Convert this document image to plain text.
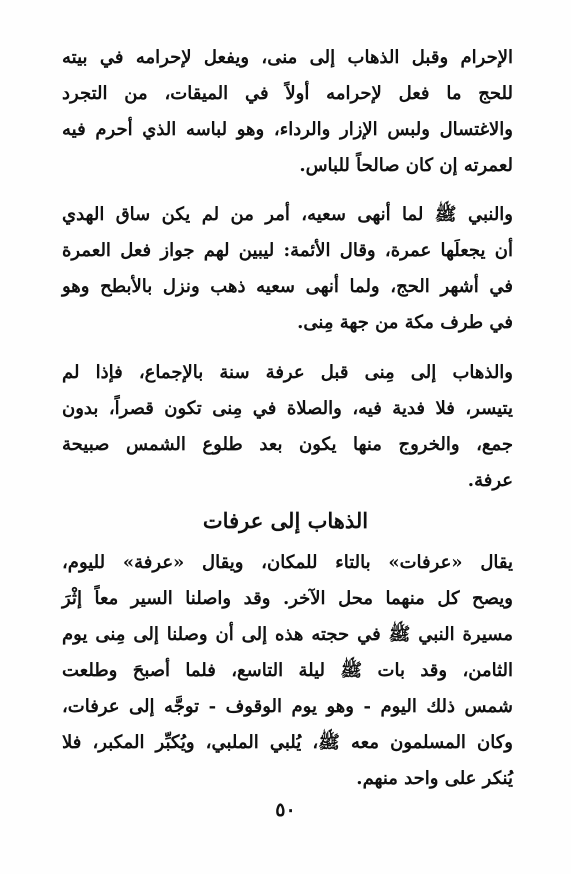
الإحرام وقبل الذهاب إلى منى، ويفعل لإحرامه في بيته
للحج ما فعل لإحرامه أولاً في الميقات، من التجرد
والاغتسال ولبس الإزار والرداء، وهو لباسه الذي أحرم فيه
لعمرته إن كان صالحاً للباس.
والنبي ﷺ لما أنهى سعيه، أمر من لم يكن ساق الهدي
أن يجعلَها عمرة، وقال الأئمة: ليبين لهم جواز فعل العمرة
في أشهر الحج، ولما أنهى سعيه ذهب ونزل بالأبطح وهو
في طرف مكة من جهة مِنى.
والذهاب إلى مِنى قبل عرفة سنة بالإجماع، فإذا لم
يتيسر، فلا فدية فيه، والصلاة في مِنى تكون قصراً، بدون
جمع، والخروج منها يكون بعد طلوع الشمس صبيحة
عرفة.
الذهاب إلى عرفات
يقال «عرفات» بالتاء للمكان، ويقال «عرفة» لليوم،
ويصح كل منهما محل الآخر. وقد واصلنا السير معاً إثْرَ
مسيرة النبي ﷺ في حجته هذه إلى أن وصلنا إلى مِنى يوم
الثامن، وقد بات ﷺ ليلة التاسع، فلما أصبحَ وطلعت
شمس ذلك اليوم - وهو يوم الوقوف - توجَّه إلى عرفات،
وكان المسلمون معه ﷺ، يُلبي الملبي، ويُكبِّر المكبر، فلا
يُنكر على واحد منهم.
٥٠
